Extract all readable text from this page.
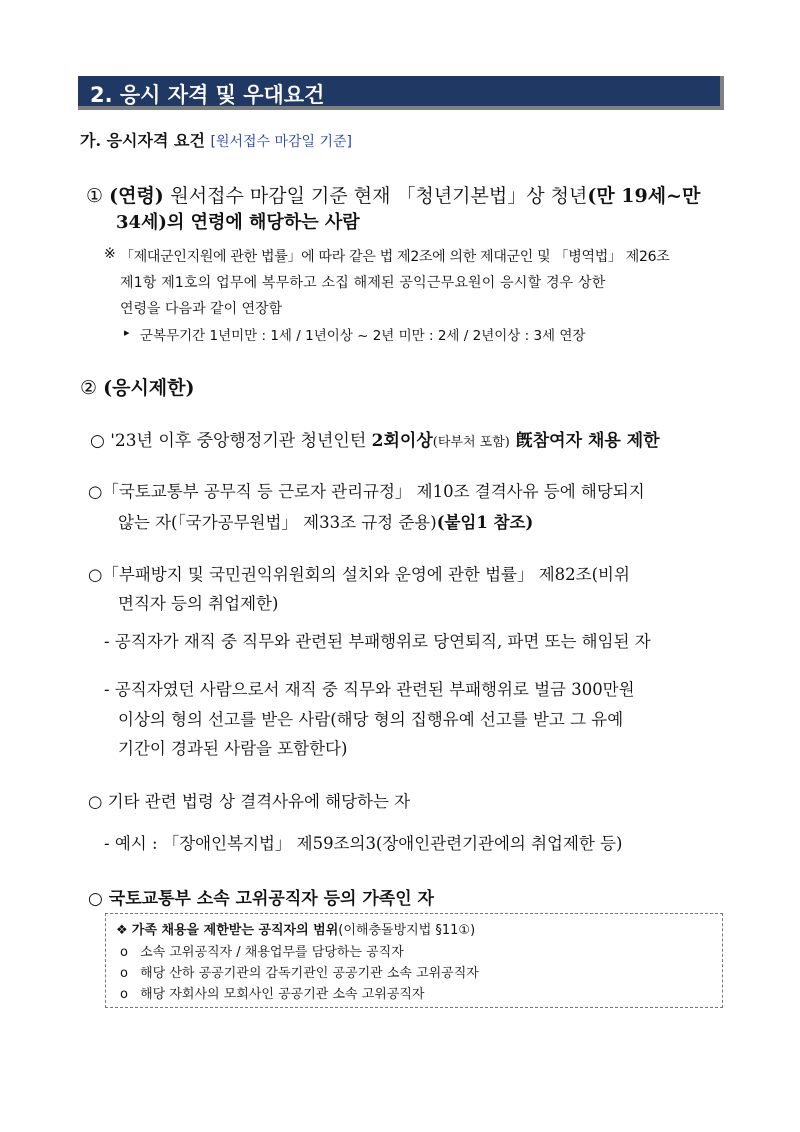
2. 응시 자격 및 우대요건
가. 응시자격 요건 [원서접수 마감일 기준]
① (연령) 원서접수 마감일 기준 현재 「청년기본법」상 청년(만 19세~만
34세)의 연령에 해당하는 사람
※ 「제대군인지원에 관한 법률」에 따라 같은 법 제2조에 의한 제대군인 및 「병역법」 제26조
제1항 제1호의 업무에 복무하고 소집 해제된 공익근무요원이 응시할 경우 상한
연령을 다음과 같이 연장함
▸ 군복무기간 1년미만 : 1세 / 1년이상 ~ 2년 미만 : 2세 / 2년이상 : 3세 연장
② (응시제한)
○ '23년 이후 중앙행정기관 청년인턴 2회이상(타부처 포함) 旣참여자 채용 제한
○「국토교통부 공무직 등 근로자 관리규정」 제10조 결격사유 등에 해당되지
않는 자(「국가공무원법」 제33조 규정 준용)(붙임1 참조)
○「부패방지 및 국민권익위원회의 설치와 운영에 관한 법률」 제82조(비위
면직자 등의 취업제한)
- 공직자가 재직 중 직무와 관련된 부패행위로 당연퇴직, 파면 또는 해임된 자
- 공직자였던 사람으로서 재직 중 직무와 관련된 부패행위로 벌금 300만원
이상의 형의 선고를 받은 사람(해당 형의 집행유예 선고를 받고 그 유예
기간이 경과된 사람을 포함한다)
○ 기타 관련 법령 상 결격사유에 해당하는 자
- 예시 : 「장애인복지법」 제59조의3(장애인관련기관에의 취업제한 등)
○ 국토교통부 소속 고위공직자 등의 가족인 자
❖ 가족 채용을 제한받는 공직자의 범위(이해충돌방지법 §11①)
o 소속 고위공직자 / 채용업무를 담당하는 공직자
o 해당 산하 공공기관의 감독기관인 공공기관 소속 고위공직자
o 해당 자회사의 모회사인 공공기관 소속 고위공직자
